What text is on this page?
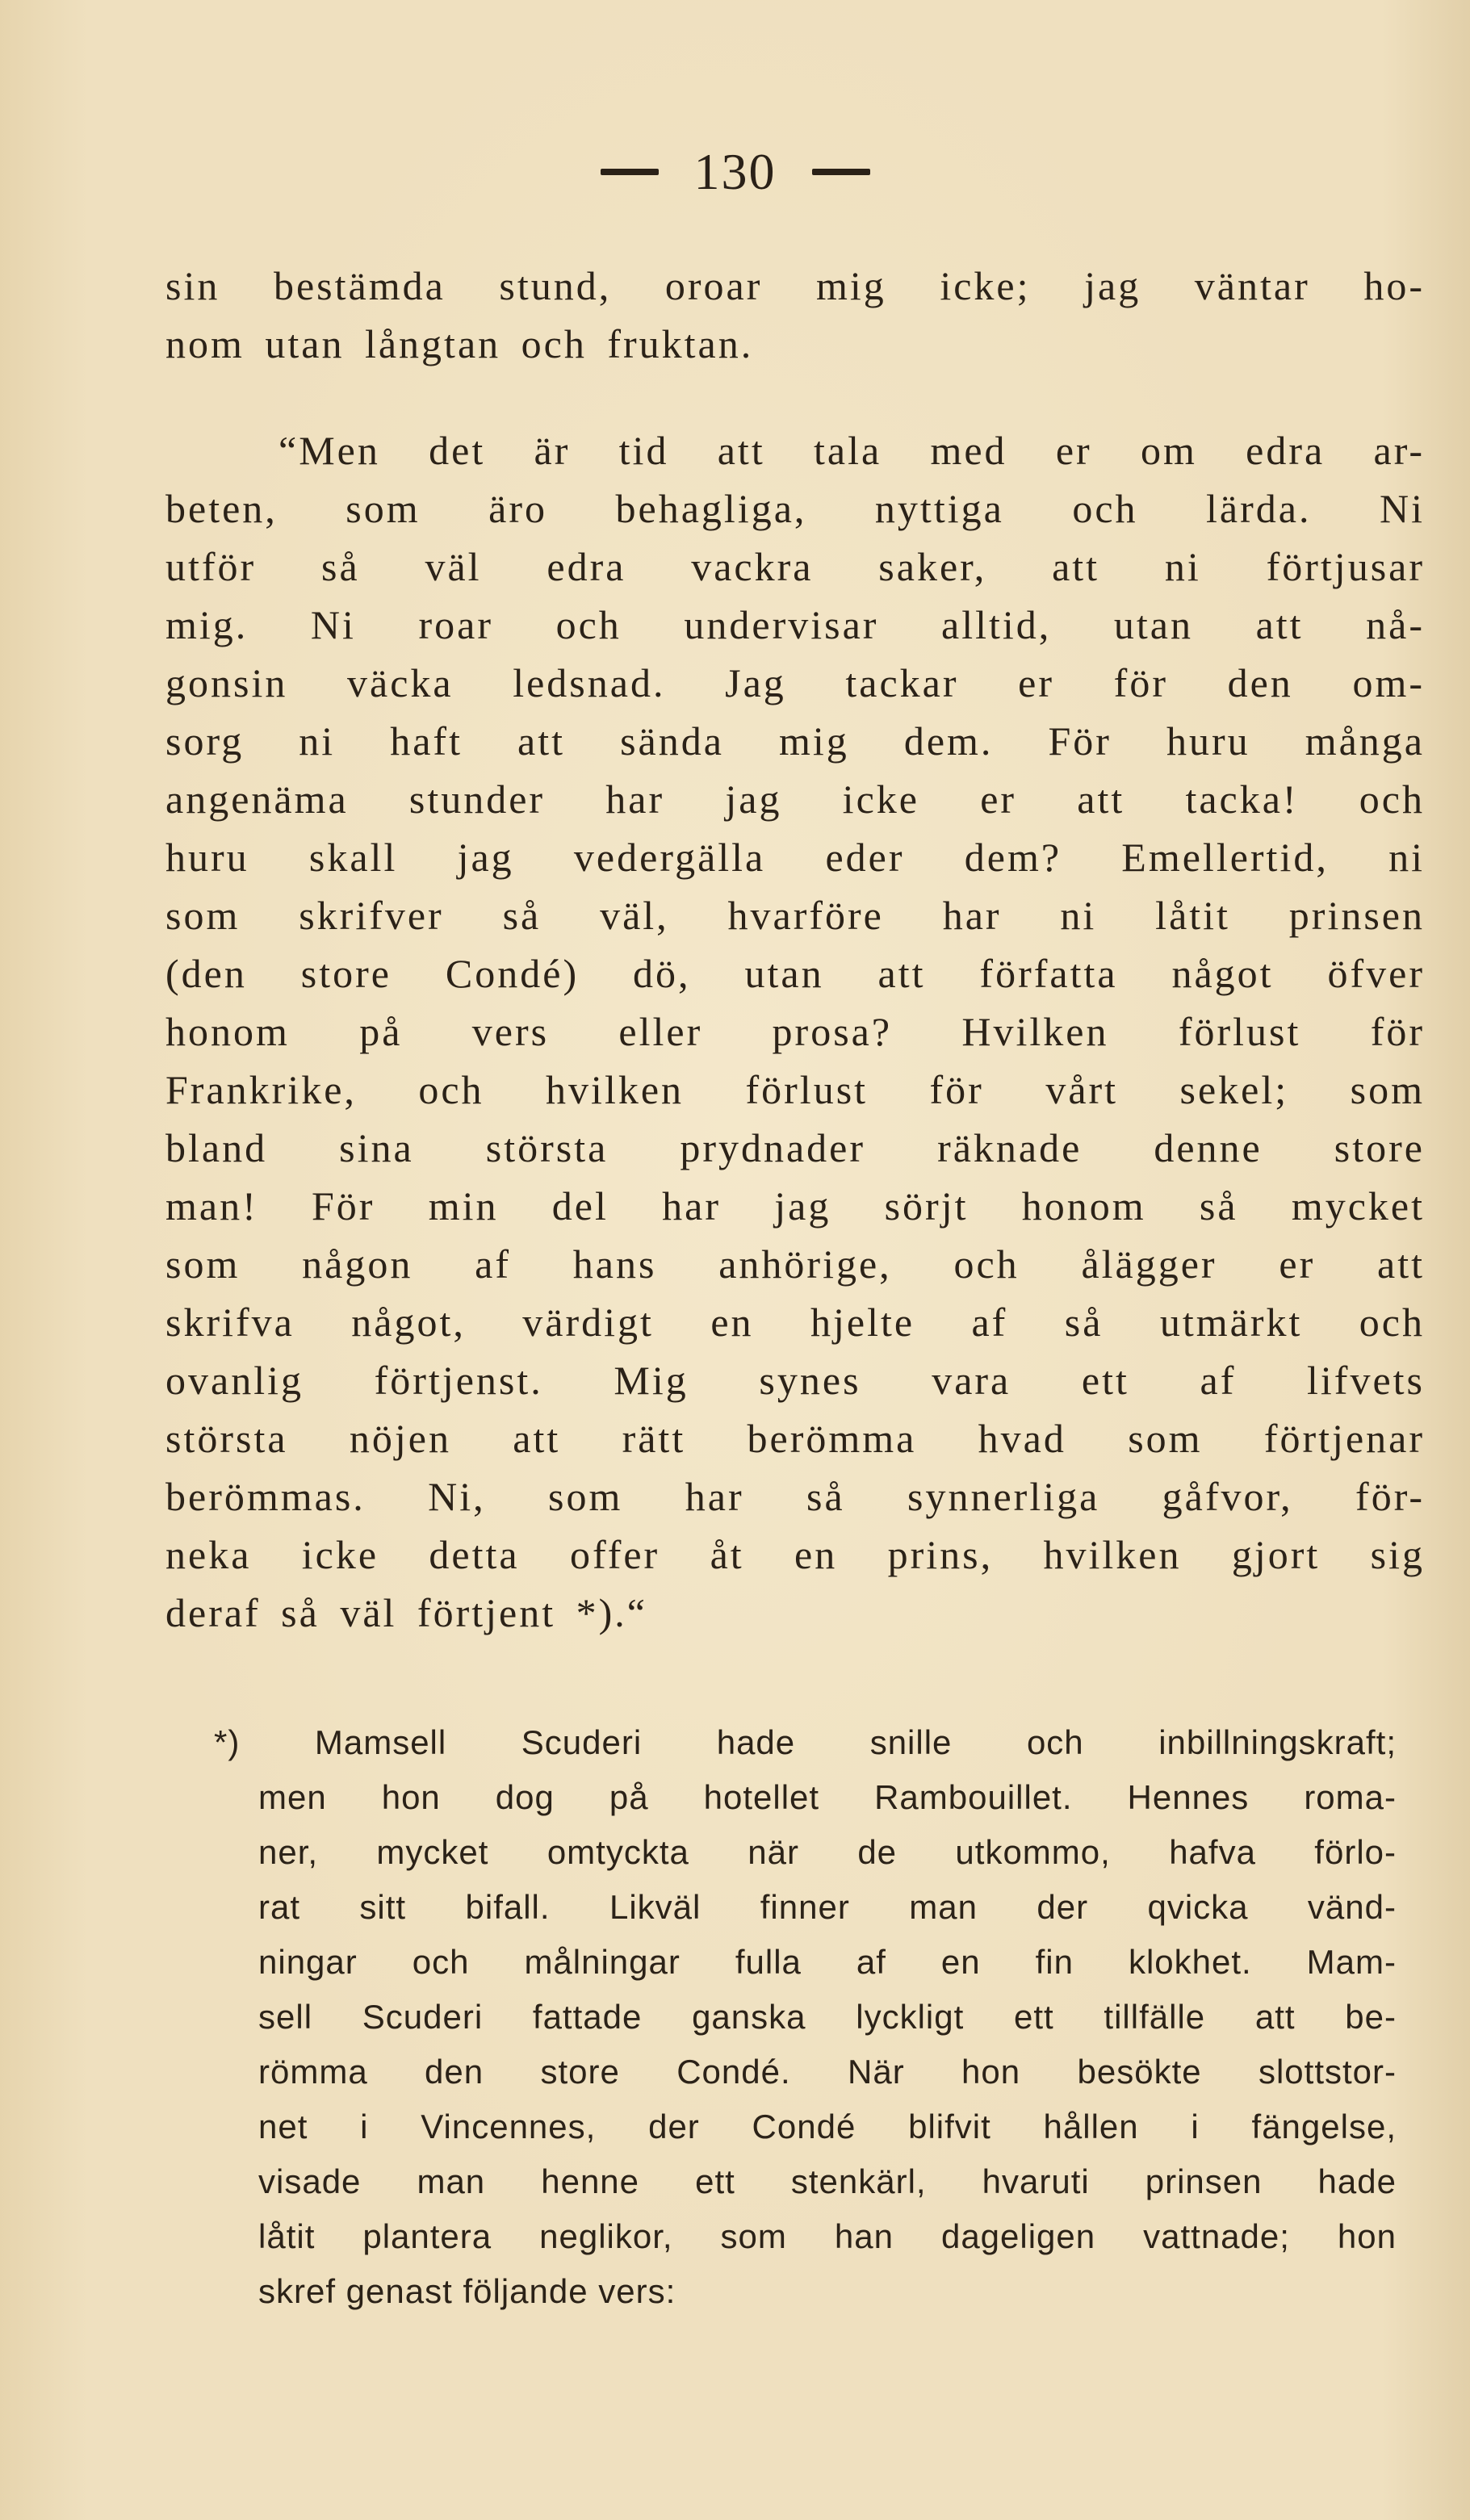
130
sin bestämda stund, oroar mig icke; jag väntar ho-
nom utan långtan och fruktan.
“Men det är tid att tala med er om edra ar-
beten, som äro behagliga, nyttiga och lärda. Ni
utför så väl edra vackra saker, att ni förtjusar
mig. Ni roar och undervisar alltid, utan att nå-
gonsin väcka ledsnad. Jag tackar er för den om-
sorg ni haft att sända mig dem. För huru många
angenäma stunder har jag icke er att tacka! och
huru skall jag vedergälla eder dem? Emellertid, ni
som skrifver så väl, hvarföre har ni låtit prinsen
(den store Condé) dö, utan att författa något öfver
honom på vers eller prosa? Hvilken förlust för
Frankrike, och hvilken förlust för vårt sekel; som
bland sina största prydnader räknade denne store
man! För min del har jag sörjt honom så mycket
som någon af hans anhörige, och ålägger er att
skrifva något, värdigt en hjelte af så utmärkt och
ovanlig förtjenst. Mig synes vara ett af lifvets
största nöjen att rätt berömma hvad som förtjenar
berömmas. Ni, som har så synnerliga gåfvor, för-
neka icke detta offer åt en prins, hvilken gjort sig
deraf så väl förtjent *).“
*) Mamsell Scuderi hade snille och inbillningskraft;
men hon dog på hotellet Rambouillet. Hennes roma-
ner, mycket omtyckta när de utkommo, hafva förlo-
rat sitt bifall. Likväl finner man der qvicka vänd-
ningar och målningar fulla af en fin klokhet. Mam-
sell Scuderi fattade ganska lyckligt ett tillfälle att be-
römma den store Condé. När hon besökte slottstor-
net i Vincennes, der Condé blifvit hållen i fängelse,
visade man henne ett stenkärl, hvaruti prinsen hade
låtit plantera neglikor, som han dageligen vattnade; hon
skref genast följande vers:
